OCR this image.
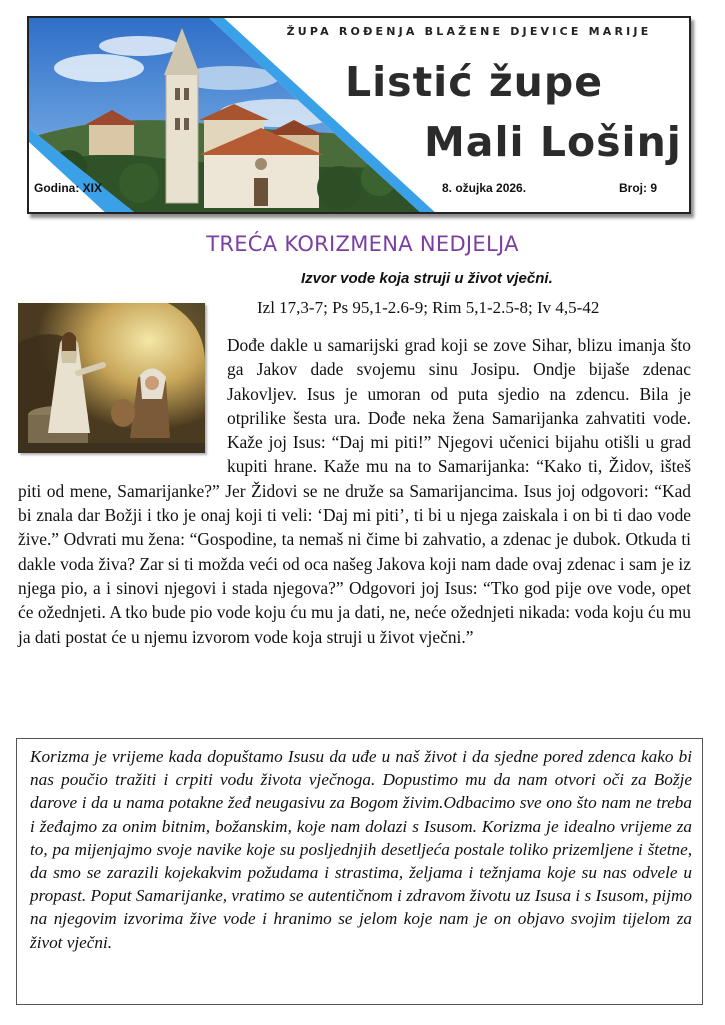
ŽUPA ROĐENJA BLAŽENE DJEVICE MARIJE
Listić župe
Mali Lošinj
Godina: XIX	8. ožujka 2026.	Broj: 9
TREĆA KORIZMENA NEDJELJA
Izvor vode koja struji u život vječni.
Izl 17,3-7; Ps 95,1-2.6-9; Rim 5,1-2.5-8; Iv 4,5-42

Dođe dakle u samarijski grad koji se zove Sihar, blizu imanja što ga Jakov dade svojemu sinu Josipu. Ondje bijaše zdenac Jakovljev. Isus je umoran od puta sjedio na zdencu. Bila je otprilike šesta ura. Dođe neka žena Samarijanka zahvatiti vode. Kaže joj Isus: “Daj mi piti!” Njegovi učenici bijahu otišli u grad kupiti hrane. Kaže mu na to Samarijanka: “Kako ti, Židov, išteš piti od mene, Samarijanke?” Jer Židovi se ne druže sa Samarijancima. Isus joj odgovori: “Kad bi znala dar Božji i tko je onaj koji ti veli: ‘Daj mi piti’, ti bi u njega zaiskala i on bi ti dao vode žive.” Odvrati mu žena: “Gospodine, ta nemaš ni čime bi zahvatio, a zdenac je dubok. Otkuda ti dakle voda živa? Zar si ti možda veći od oca našeg Jakova koji nam dade ovaj zdenac i sam je iz njega pio, a i sinovi njegovi i stada njegova?” Odgovori joj Isus: “Tko god pije ove vode, opet će ožednjeti. A tko bude pio vode koju ću mu ja dati, ne, neće ožednjeti nikada: voda koju ću mu ja dati postat će u njemu izvorom vode koja struji u život vječni.”

Korizma je vrijeme kada dopuštamo Isusu da uđe u naš život i da sjedne pored zdenca kako bi nas poučio tražiti i crpiti vodu života vječnoga. Dopustimo mu da nam otvori oči za Božje darove i da u nama potakne žeđ neugasivu za Bogom živim.Odbacimo sve ono što nam ne treba i žeđajmo za onim bitnim, božanskim, koje nam dolazi s Isusom. Korizma je idealno vrijeme za to, pa mijenjajmo svoje navike koje su posljednjih desetljeća postale toliko prizemljene i štetne, da smo se zarazili kojekakvim požudama i strastima, željama i težnjama koje su nas odvele u propast. Poput Samarijanke, vratimo se autentičnom i zdravom životu uz Isusa i s Isusom, pijmo na njegovim izvorima žive vode i hranimo se jelom koje nam je on objavo svojim tijelom za život vječni.
